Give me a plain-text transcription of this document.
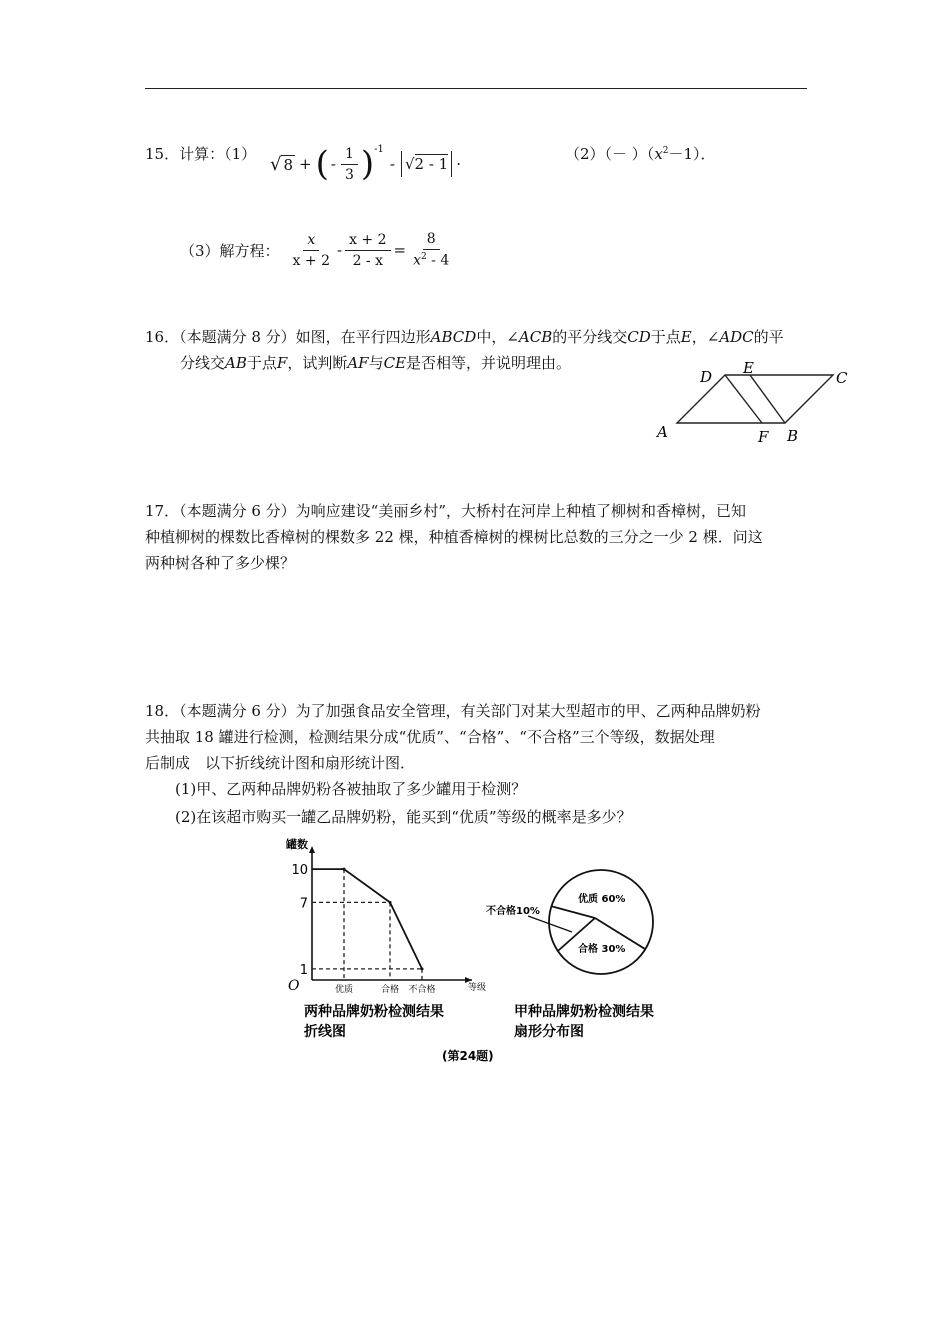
15．计算：（1） √ 8 + ( - $\frac{1}{3} )^{-1}$
- √2 - 1 ·
$(2)(- )(x^2-1)$．
（3）解方程： $\frac{x}{x + 2} - \frac{x + 2}{2 - x} = \frac{8}{x^2 - 4}$
16．（本题满分 8 分）如图，在平行四边形ABCD中，∠ACB的平分线交CD于点E，∠ADC的平
分线交AB于点F，试判断AF与CE是否相等，并说明理由。
D E
C
A	F B
17．（本题满分 6 分）为响应建设“美丽乡村”，大桥村在河岸上种植了柳树和香樟树，已知
种植柳树的棵数比香樟树的棵数多 22 棵，种植香樟树的棵树比总数的三分之一少 2 棵．问这
两种树各种了多少棵？
18．（本题满分 6 分）为了加强食品安全管理，有关部门对某大型超市的甲、乙两种品牌奶粉
共抽取 18 罐进行检测，检测结果分成“优质”、“合格”、“不合格”三个等级，数据处理
后制成　以下折线统计图和扇形统计图．
(1)甲、乙两种品牌奶粉各被抽取了多少罐用于检测？
(2)在该超市购买一罐乙品牌奶粉，能买到“优质”等级的概率是多少？
10
7
1
优质	合格 不合格
罐数
等级
O
两种品牌奶粉检测结果
折线图
甲种品牌奶粉检测结果
扇形分布图
(第24题)
优质 60%
合格 30%
不合格10%
